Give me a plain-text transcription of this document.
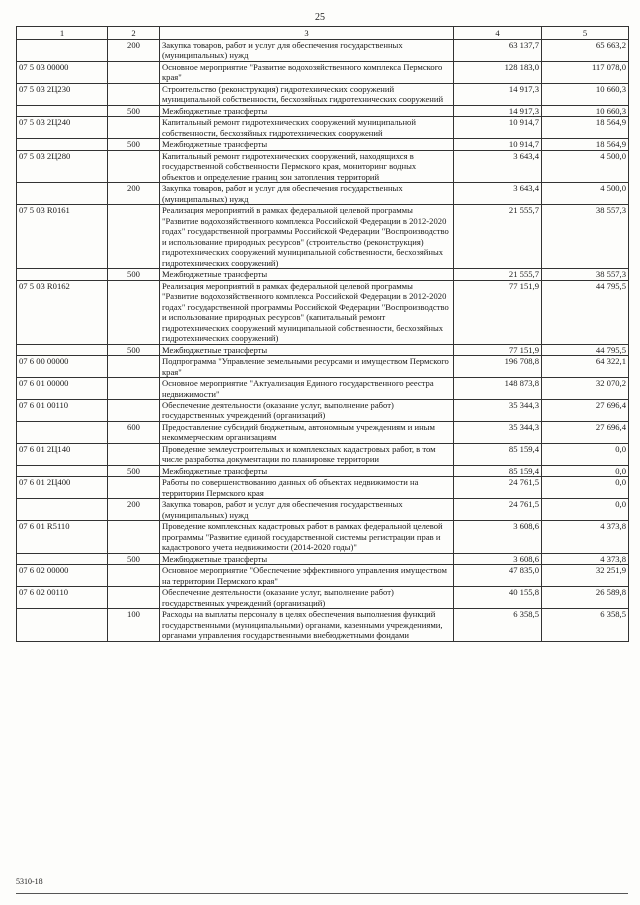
25
1	2	3	4	5
	200	Закупка товаров, работ и услуг для обеспечения государственных (муниципальных) нужд	63 137,7	65 663,2
07 5 03 00000		Основное мероприятие "Развитие водохозяйственного комплекса Пермского края"	128 183,0	117 078,0
07 5 03 2Ц230		Строительство (реконструкция) гидротехнических сооружений муниципальной собственности, бесхозяйных гидротехнических сооружений	14 917,3	10 660,3
	500	Межбюджетные трансферты	14 917,3	10 660,3
07 5 03 2Ц240		Капитальный ремонт гидротехнических сооружений муниципальной собственности, бесхозяйных гидротехнических сооружений	10 914,7	18 564,9
	500	Межбюджетные трансферты	10 914,7	18 564,9
07 5 03 2Ц280		Капитальный ремонт гидротехнических сооружений, находящихся в государственной собственности Пермского края, мониторинг водных объектов и определение границ зон затопления территорий	3 643,4	4 500,0
	200	Закупка товаров, работ и услуг для обеспечения государственных (муниципальных) нужд	3 643,4	4 500,0
07 5 03 R0161		Реализация мероприятий в рамках федеральной целевой программы "Развитие водохозяйственного комплекса Российской Федерации в 2012-2020 годах" государственной программы Российской Федерации "Воспроизводство и использование природных ресурсов" (строительство (реконструкция) гидротехнических сооружений муниципальной собственности, бесхозяйных гидротехнических сооружений)	21 555,7	38 557,3
	500	Межбюджетные трансферты	21 555,7	38 557,3
07 5 03 R0162		Реализация мероприятий в рамках федеральной целевой программы "Развитие водохозяйственного комплекса Российской Федерации в 2012-2020 годах" государственной программы Российской Федерации "Воспроизводство и использование природных ресурсов" (капитальный ремонт гидротехнических сооружений муниципальной собственности, бесхозяйных гидротехнических сооружений)	77 151,9	44 795,5
	500	Межбюджетные трансферты	77 151,9	44 795,5
07 6 00 00000		Подпрограмма "Управление земельными ресурсами и имуществом Пермского края"	196 708,8	64 322,1
07 6 01 00000		Основное мероприятие "Актуализация Единого государственного реестра недвижимости"	148 873,8	32 070,2
07 6 01 00110		Обеспечение деятельности (оказание услуг, выполнение работ) государственных учреждений (организаций)	35 344,3	27 696,4
	600	Предоставление субсидий бюджетным, автономным учреждениям и иным некоммерческим организациям	35 344,3	27 696,4
07 6 01 2Ц140		Проведение землеустроительных и комплексных кадастровых работ, в том числе разработка документации по планировке территории	85 159,4	0,0
	500	Межбюджетные трансферты	85 159,4	0,0
07 6 01 2Ц400		Работы по совершенствованию данных об объектах недвижимости на территории Пермского края	24 761,5	0,0
	200	Закупка товаров, работ и услуг для обеспечения государственных (муниципальных) нужд	24 761,5	0,0
07 6 01 R5110		Проведение комплексных кадастровых работ в рамках федеральной целевой программы "Развитие единой государственной системы регистрации прав и кадастрового учета недвижимости (2014-2020 годы)"	3 608,6	4 373,8
	500	Межбюджетные трансферты	3 608,6	4 373,8
07 6 02 00000		Основное мероприятие "Обеспечение эффективного управления имуществом на территории Пермского края"	47 835,0	32 251,9
07 6 02 00110		Обеспечение деятельности (оказание услуг, выполнение работ) государственных учреждений (организаций)	40 155,8	26 589,8
	100	Расходы на выплаты персоналу в целях обеспечения выполнения функций государственными (муниципальными) органами, казенными учреждениями, органами управления государственными внебюджетными фондами	6 358,5	6 358,5
5310-18
